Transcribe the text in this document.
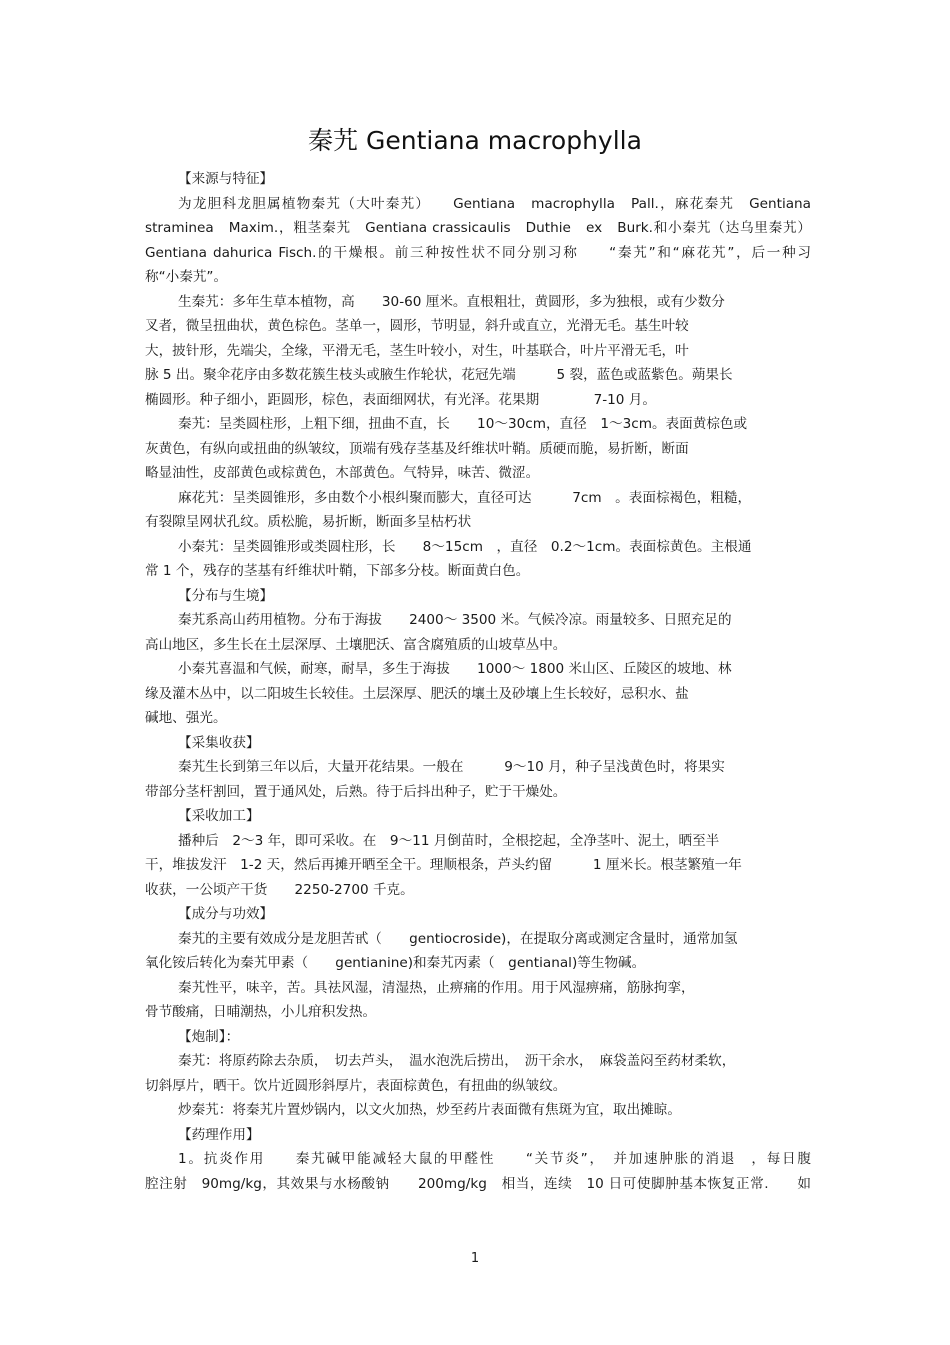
秦艽 Gentiana macrophylla
【来源与特征】
为龙胆科龙胆属植物秦艽（大叶秦艽）　　Gentiana　macrophylla　Pall.，麻花秦艽　Gentiana
straminea　Maxim.，粗茎秦艽　Gentiana crassicaulis　Duthie　ex　Burk.和小秦艽（达乌里秦艽）
Gentiana dahurica Fisch.的干燥根。前三种按性状不同分别习称　　“秦艽”和“麻花艽”，后一种习
称“小秦艽”。
生秦艽：多年生草本植物，高　　30-60 厘米。直根粗壮，黄圆形，多为独根，或有少数分
叉者，微呈扭曲状，黄色棕色。茎单一，圆形，节明显，斜升或直立，光滑无毛。基生叶较
大，披针形，先端尖，全缘，平滑无毛，茎生叶较小，对生，叶基联合，叶片平滑无毛，叶
脉 5 出。聚伞花序由多数花簇生枝头或腋生作轮状，花冠先端　　　5 裂，蓝色或蓝紫色。蒴果长
椭圆形。种子细小，距圆形，棕色，表面细网状，有光泽。花果期　　　　7-10 月。
秦艽：呈类圆柱形，上粗下细，扭曲不直，长　　10～30cm，直径　1～3cm。表面黄棕色或
灰黄色，有纵向或扭曲的纵皱纹，顶端有残存茎基及纤维状叶鞘。质硬而脆，易折断，断面
略显油性，皮部黄色或棕黄色，木部黄色。气特异，味苦、微涩。
麻花艽：呈类圆锥形，多由数个小根纠聚而膨大，直径可达　　　7cm　。表面棕褐色，粗糙，
有裂隙呈网状孔纹。质松脆，易折断，断面多呈枯朽状
小秦艽：呈类圆锥形或类圆柱形，长　　8～15cm　，直径　0.2～1cm。表面棕黄色。主根通
常 1 个，残存的茎基有纤维状叶鞘，下部多分枝。断面黄白色。
【分布与生境】
秦艽系高山药用植物。分布于海拔　　2400～ 3500 米。气候冷凉。雨量较多、日照充足的
高山地区，多生长在土层深厚、土壤肥沃、富含腐殖质的山坡草丛中。
小秦艽喜温和气候，耐寒，耐旱，多生于海拔　　1000～ 1800 米山区、丘陵区的坡地、林
缘及灌木丛中，以二阳坡生长较佳。土层深厚、肥沃的壤土及砂壤上生长较好，忌积水、盐
碱地、强光。
【采集收获】
秦艽生长到第三年以后，大量开花结果。一般在　　　9～10 月，种子呈浅黄色时，将果实
带部分茎杆割回，置于通风处，后熟。待于后抖出种子，贮于干燥处。
【采收加工】
播种后　2～3 年，即可采收。在　9～11 月倒苗时，全根挖起，全净茎叶、泥土，晒至半
干，堆拔发汗　1-2 天，然后再摊开晒至全干。理顺根条，芦头约留　　　1 厘米长。根茎繁殖一年
收获，一公顷产干货　　2250-2700 千克。
【成分与功效】
秦艽的主要有效成分是龙胆苦甙（　　gentiocroside)，在提取分离或测定含量时，通常加氢
氧化铵后转化为秦艽甲素（　　gentianine)和秦艽丙素（　gentianal)等生物碱。
秦艽性平，味辛，苦。具祛风湿，清湿热，止痹痛的作用。用于风湿痹痛，筋脉拘挛，
骨节酸痛，日晡潮热，小儿疳积发热。
【炮制】：
秦艽：将原药除去杂质，　切去芦头，　温水泡洗后捞出，　沥干余水，　麻袋盖闷至药材柔软，
切斜厚片，晒干。饮片近圆形斜厚片，表面棕黄色，有扭曲的纵皱纹。
炒秦艽：将秦艽片置炒锅内，以文火加热，炒至药片表面微有焦斑为宜，取出摊晾。
【药理作用】
1。抗炎作用　　秦艽碱甲能减轻大鼠的甲醛性　　“关节炎”，　并加速肿胀的消退　，每日腹
腔注射　90mg/kg，其效果与水杨酸钠　　200mg/kg　相当，连续　10 日可使脚肿基本恢复正常.　　如
1
